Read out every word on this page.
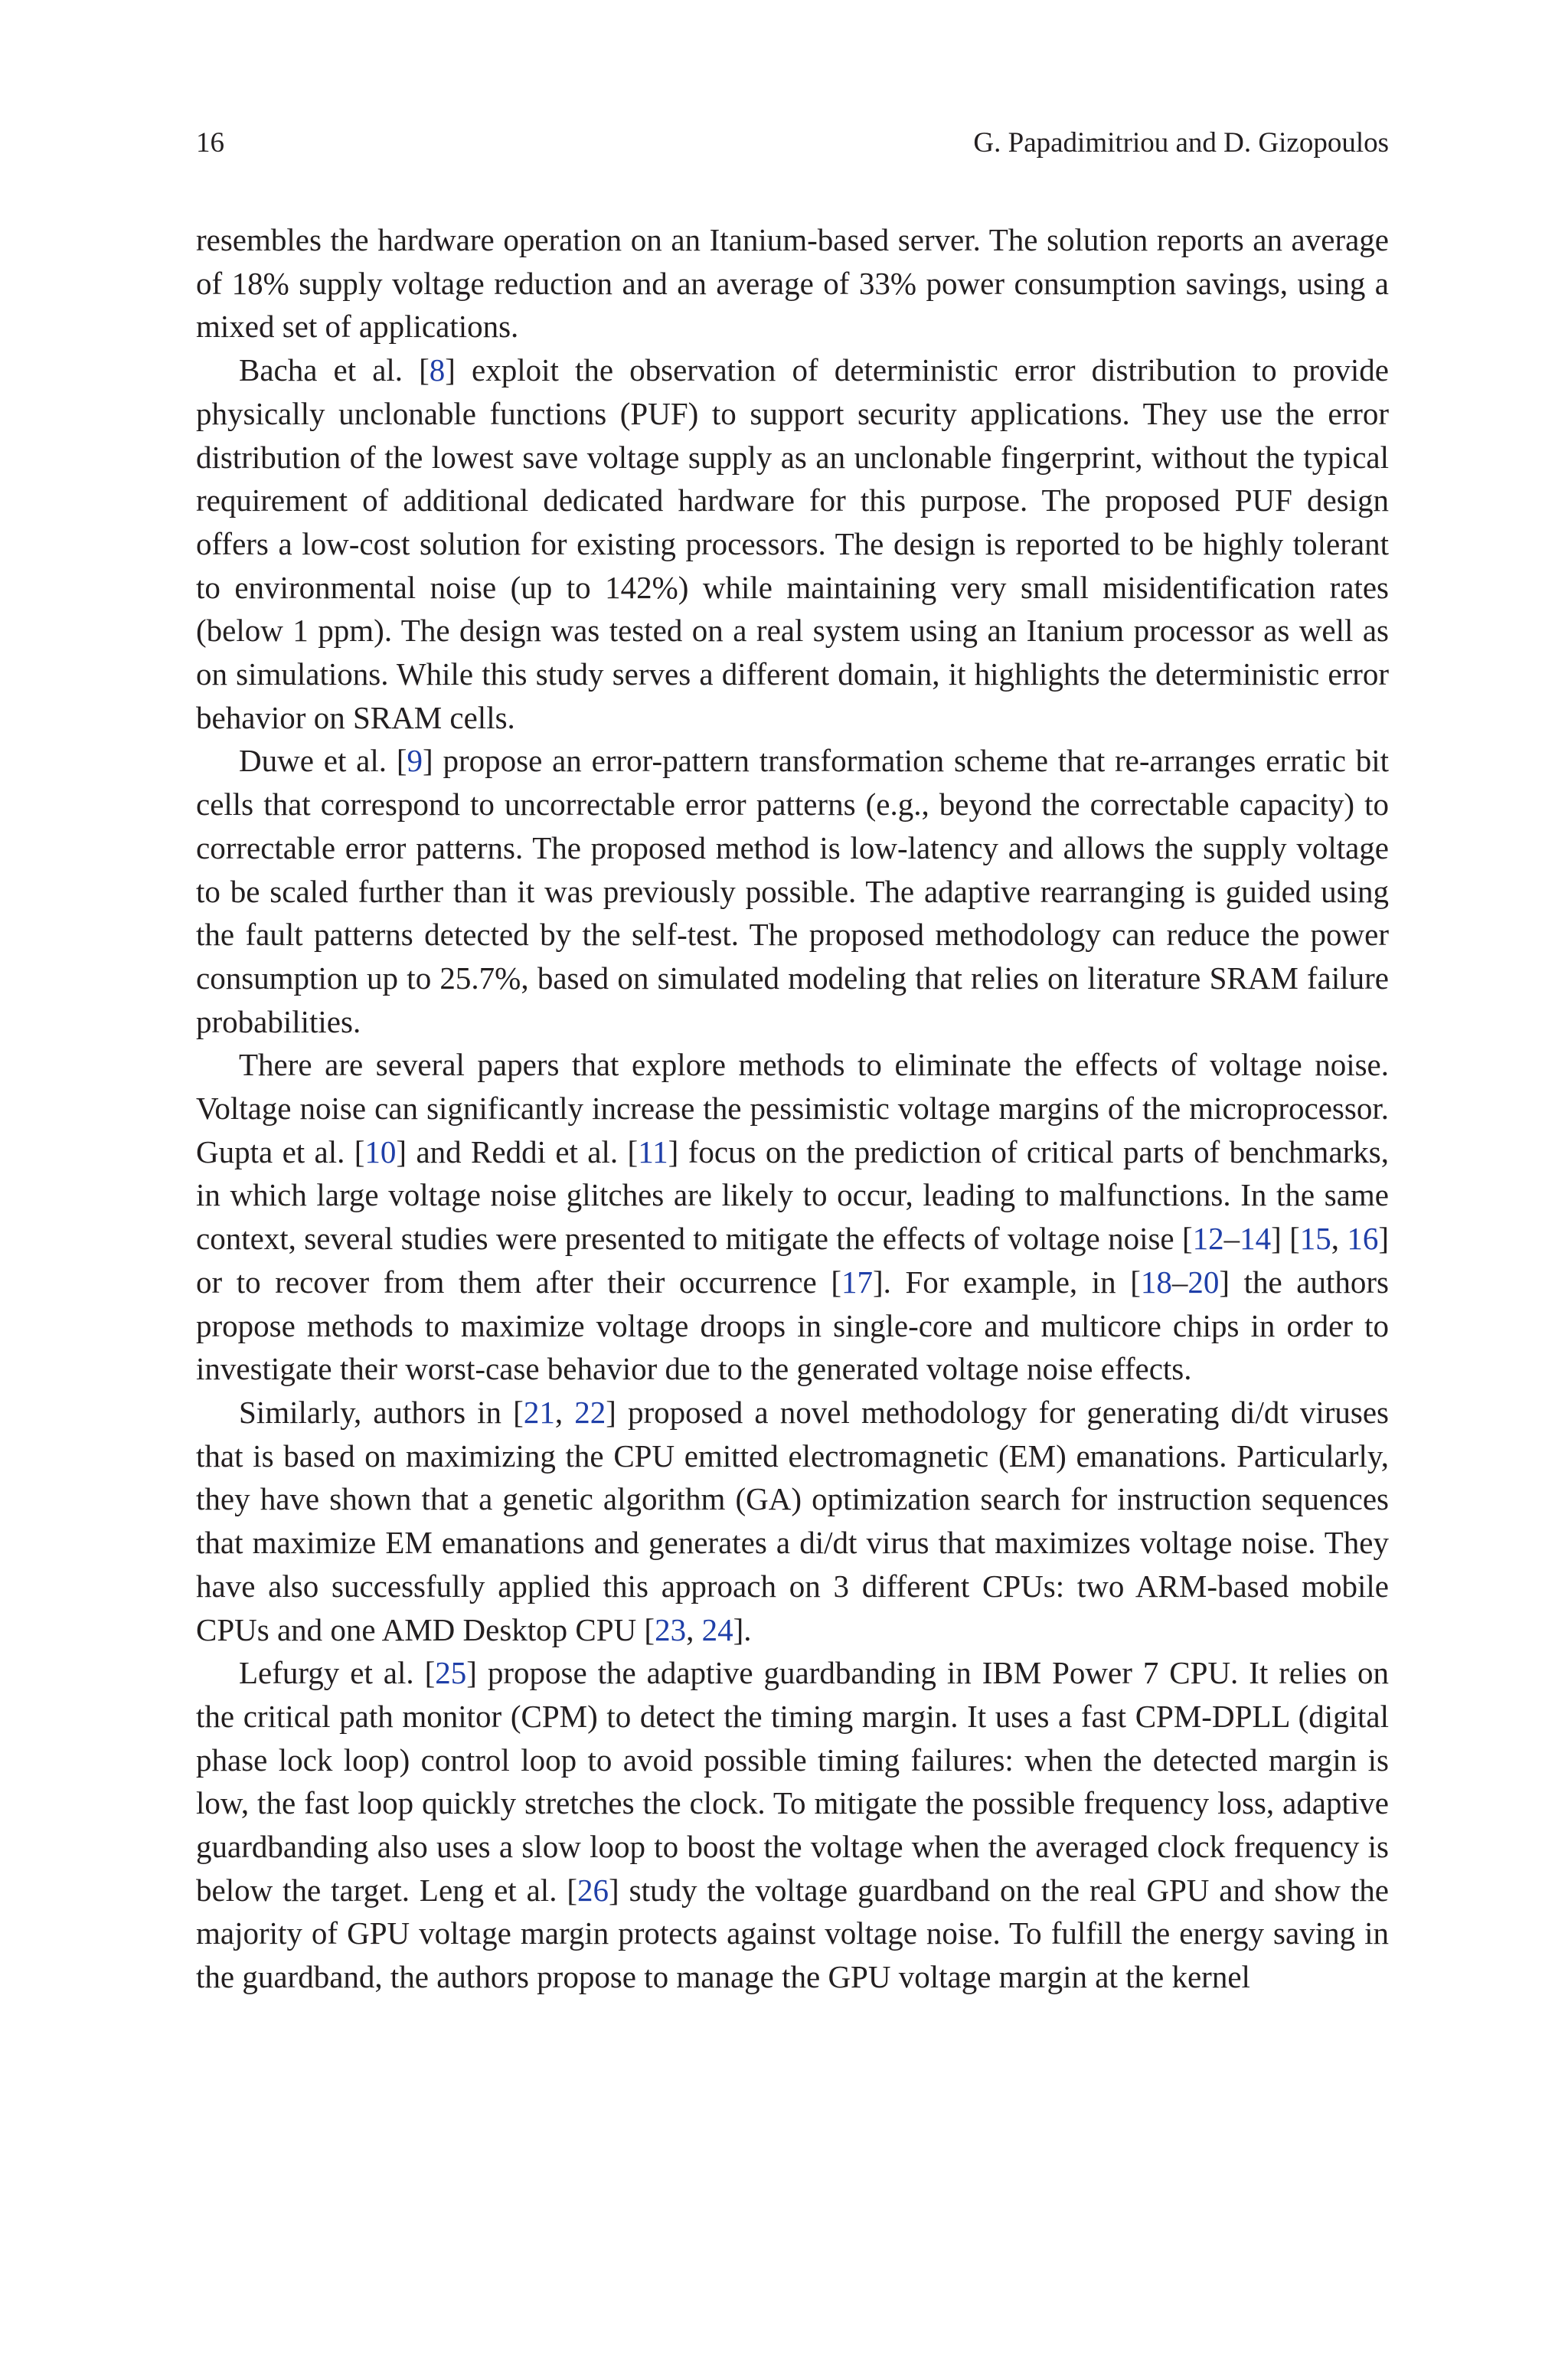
16	G. Papadimitriou and D. Gizopoulos

resembles the hardware operation on an Itanium-based server. The solution reports an average of 18% supply voltage reduction and an average of 33% power consumption savings, using a mixed set of applications.

Bacha et al. [8] exploit the observation of deterministic error distribution to provide physically unclonable functions (PUF) to support security applications. They use the error distribution of the lowest save voltage supply as an unclonable fingerprint, without the typical requirement of additional dedicated hardware for this purpose. The proposed PUF design offers a low-cost solution for existing processors. The design is reported to be highly tolerant to environmental noise (up to 142%) while maintaining very small misidentification rates (below 1 ppm). The design was tested on a real system using an Itanium processor as well as on simulations. While this study serves a different domain, it highlights the deterministic error behavior on SRAM cells.

Duwe et al. [9] propose an error-pattern transformation scheme that re-arranges erratic bit cells that correspond to uncorrectable error patterns (e.g., beyond the correctable capacity) to correctable error patterns. The proposed method is low-latency and allows the supply voltage to be scaled further than it was previously possible. The adaptive rearranging is guided using the fault patterns detected by the self-test. The proposed methodology can reduce the power consumption up to 25.7%, based on simulated modeling that relies on literature SRAM failure probabilities.

There are several papers that explore methods to eliminate the effects of voltage noise. Voltage noise can significantly increase the pessimistic voltage margins of the microprocessor. Gupta et al. [10] and Reddi et al. [11] focus on the prediction of critical parts of benchmarks, in which large voltage noise glitches are likely to occur, leading to malfunctions. In the same context, several studies were presented to mitigate the effects of voltage noise [12–14] [15, 16] or to recover from them after their occurrence [17]. For example, in [18–20] the authors propose methods to maximize voltage droops in single-core and multicore chips in order to investigate their worst-case behavior due to the generated voltage noise effects.

Similarly, authors in [21, 22] proposed a novel methodology for generating di/dt viruses that is based on maximizing the CPU emitted electromagnetic (EM) emanations. Particularly, they have shown that a genetic algorithm (GA) optimization search for instruction sequences that maximize EM emanations and generates a di/​dt virus that maximizes voltage noise. They have also successfully applied this approach on 3 different CPUs: two ARM-based mobile CPUs and one AMD Desktop CPU [23, 24].

Lefurgy et al. [25] propose the adaptive guardbanding in IBM Power 7 CPU. It relies on the critical path monitor (CPM) to detect the timing margin. It uses a fast CPM-DPLL (digital phase lock loop) control loop to avoid possible timing failures: when the detected margin is low, the fast loop quickly stretches the clock. To mitigate the possible frequency loss, adaptive guardbanding also uses a slow loop to boost the voltage when the averaged clock frequency is below the target. Leng et al. [26] study the voltage guardband on the real GPU and show the majority of GPU voltage margin protects against voltage noise. To fulfill the energy saving in the guardband, the authors propose to manage the GPU voltage margin at the kernel
